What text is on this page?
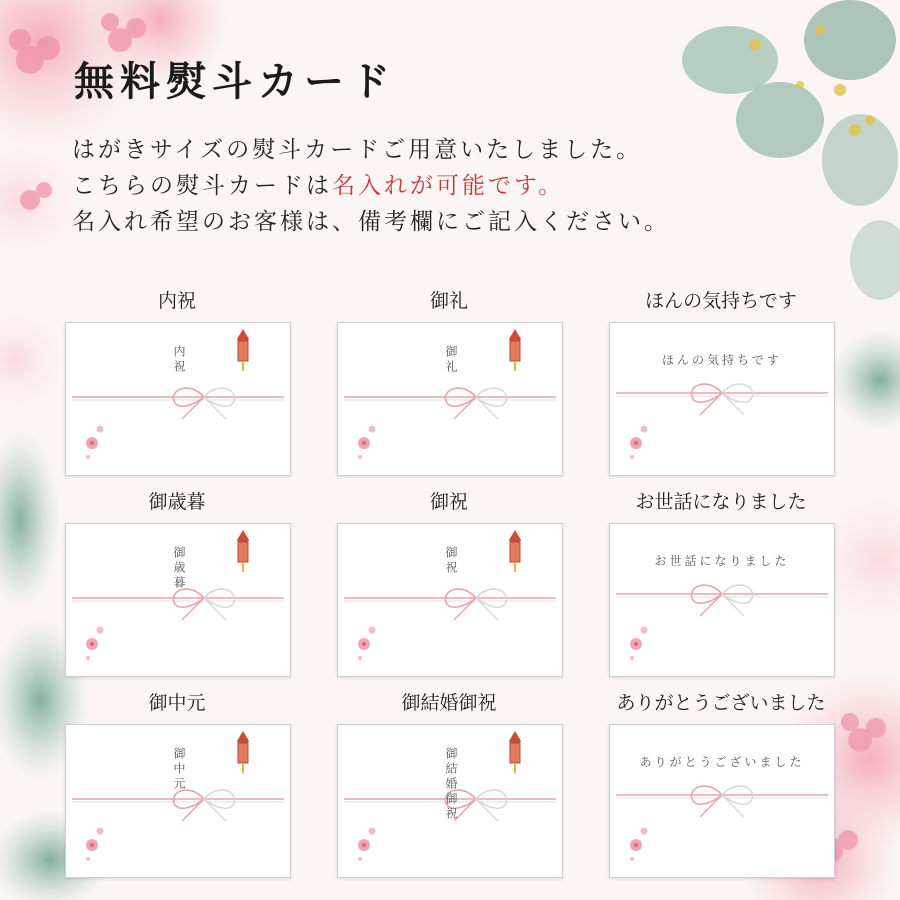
無料熨斗カード
はがきサイズの熨斗カードご用意いたしました。
こちらの熨斗カードは名入れが可能です。
名入れ希望のお客様は、備考欄にご記入ください。
内祝
内祝
御礼
御礼
ほんの気持ちです
ほんの気持ちです
御歳暮
御歳暮
御祝
御祝
お世話になりました
お世話になりました
御中元
御中元
御結婚御祝
御結婚御祝
ありがとうございました
ありがとうございました
